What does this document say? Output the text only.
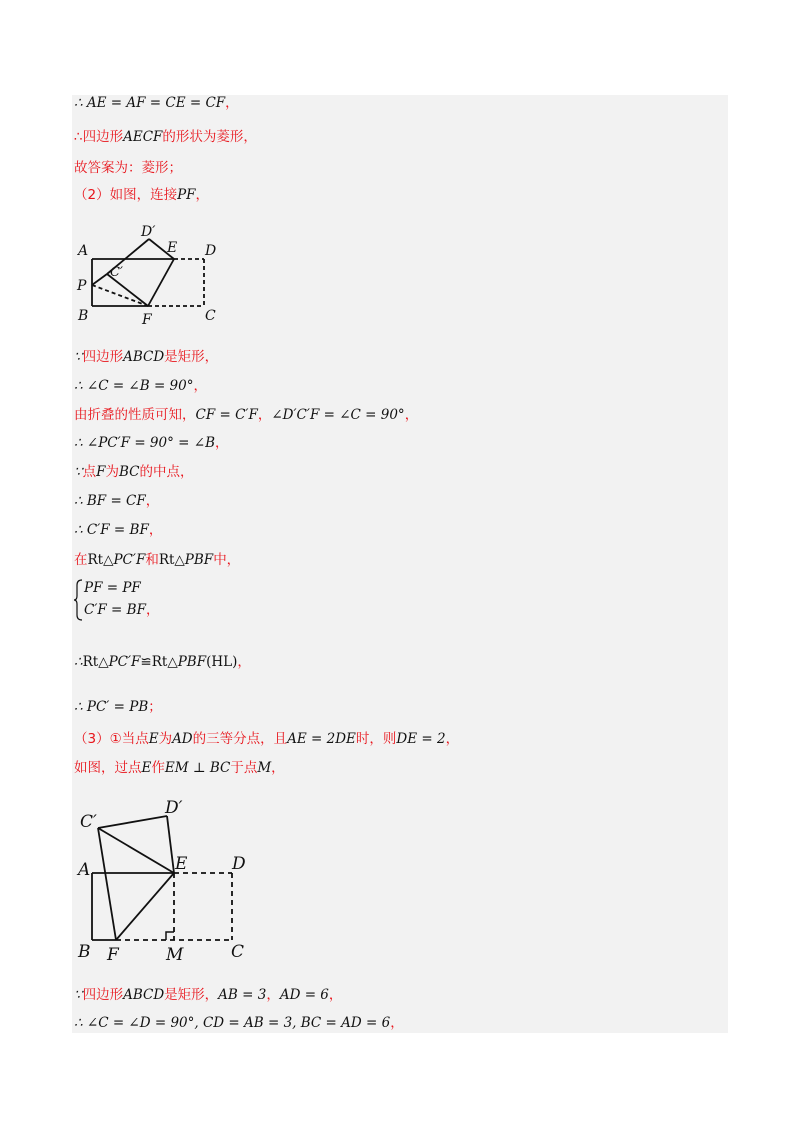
∴ AE = AF = CE = CF，
∴四边形AECF的形状为菱形，
故答案为：菱形；
（2）如图，连接PF，
A
D′
E D
C′
P
B	F	C
∵四边形ABCD是矩形，
∴ ∠C = ∠B = 90°，
由折叠的性质可知，CF = C′F，∠D′C′F = ∠C = 90°，
∴ ∠PC′F = 90° = ∠B，
∵点F为BC的中点，
∴ BF = CF，
∴ C′F = BF，
在Rt△PC′F和Rt△PBF中，
PF = PF
C′F = BF，
∴Rt△PC′F≌Rt△PBF(HL)，
∴ PC′ = PB；
（3）①当点E为AD的三等分点，且AE = 2DE时，则DE = 2，
如图，过点E作EM ⊥ BC于点M，
C′
D′
A	E	D
B F	M	C
∵四边形ABCD是矩形，AB = 3，AD = 6，
∴ ∠C = ∠D = 90°, CD = AB = 3, BC = AD = 6，
